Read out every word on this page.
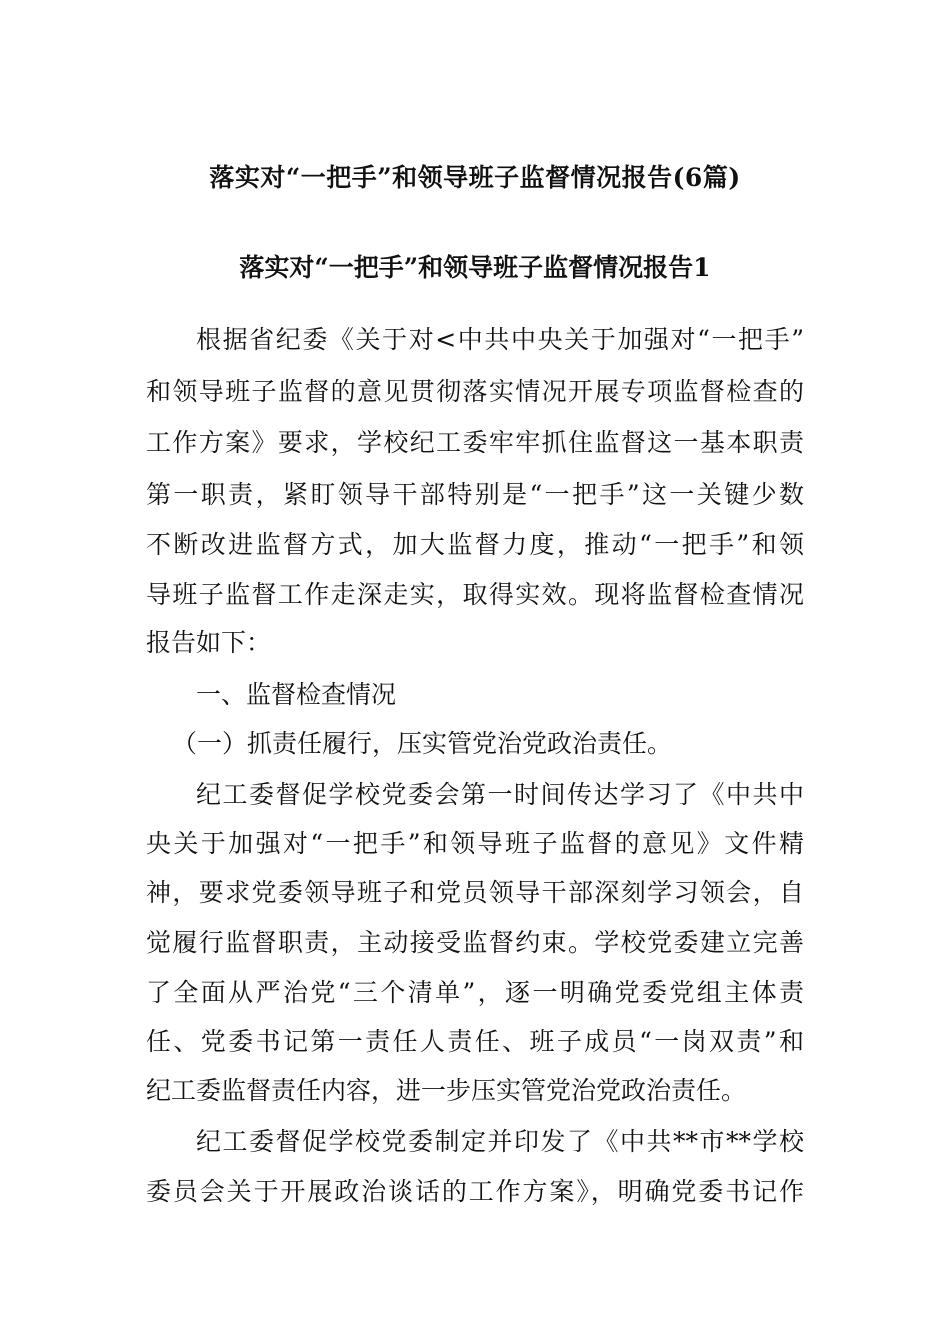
落实对“一把手”和领导班子监督情况报告(6篇)
落实对“一把手”和领导班子监督情况报告1
根据省纪委《关于对<中共中央关于加强对“一把手”
和领导班子监督的意见贯彻落实情况开展专项监督检查的
工作方案》要求，学校纪工委牢牢抓住监督这一基本职责
第一职责，紧盯领导干部特别是“一把手”这一关键少数
不断改进监督方式，加大监督力度，推动“一把手”和领
导班子监督工作走深走实，取得实效。现将监督检查情况
报告如下：
一、监督检查情况
（一）抓责任履行，压实管党治党政治责任。
纪工委督促学校党委会第一时间传达学习了《中共中
央关于加强对“一把手”和领导班子监督的意见》文件精
神，要求党委领导班子和党员领导干部深刻学习领会，自
觉履行监督职责，主动接受监督约束。学校党委建立完善
了全面从严治党“三个清单”，逐一明确党委党组主体责
任、党委书记第一责任人责任、班子成员“一岗双责”和
纪工委监督责任内容，进一步压实管党治党政治责任。
纪工委督促学校党委制定并印发了《中共**市**学校
委员会关于开展政治谈话的工作方案》，明确党委书记作
